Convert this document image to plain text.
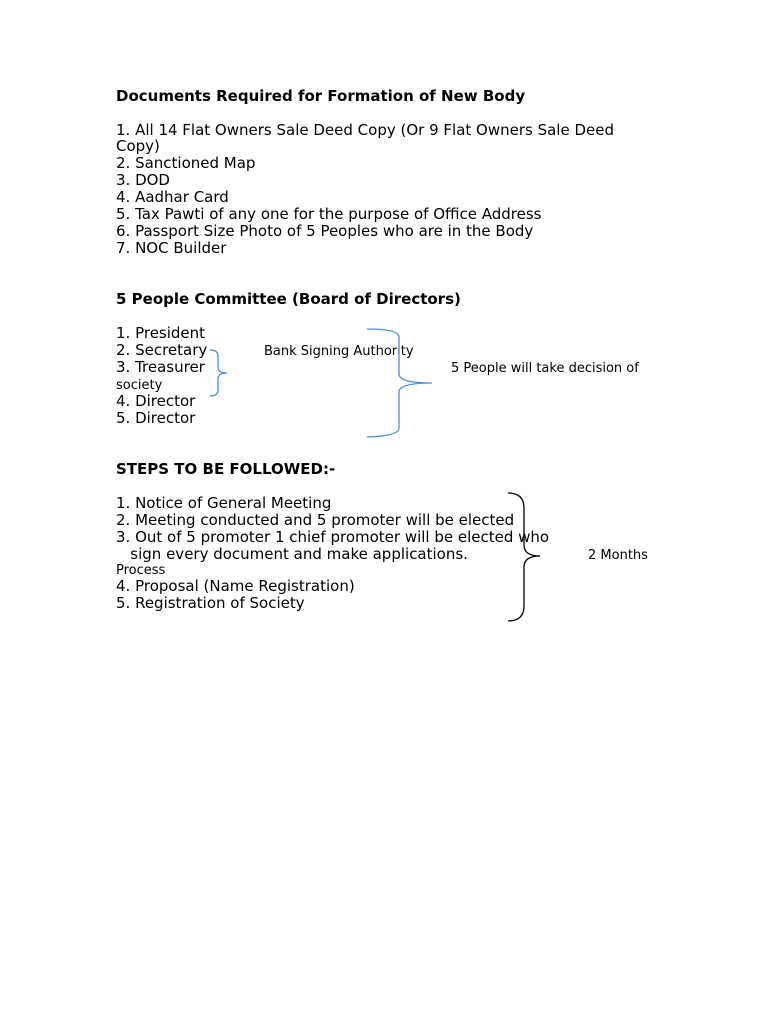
Documents Required for Formation of New Body
1. All 14 Flat Owners Sale Deed Copy (Or 9 Flat Owners Sale Deed
Copy)
2. Sanctioned Map
3. DOD
4. Aadhar Card
5. Tax Pawti of any one for the purpose of Office Address
6. Passport Size Photo of 5 Peoples who are in the Body
7. NOC Builder
5 People Committee (Board of Directors)
1. President
2. Secretary
3. Treasurer
society
4. Director
5. Director
Bank Signing Authority
5 People will take decision of
STEPS TO BE FOLLOWED:-
1. Notice of General Meeting
2. Meeting conducted and 5 promoter will be elected
3. Out of 5 promoter 1 chief promoter will be elected who
sign every document and make applications.	2 Months
Process
4. Proposal (Name Registration)
5. Registration of Society
